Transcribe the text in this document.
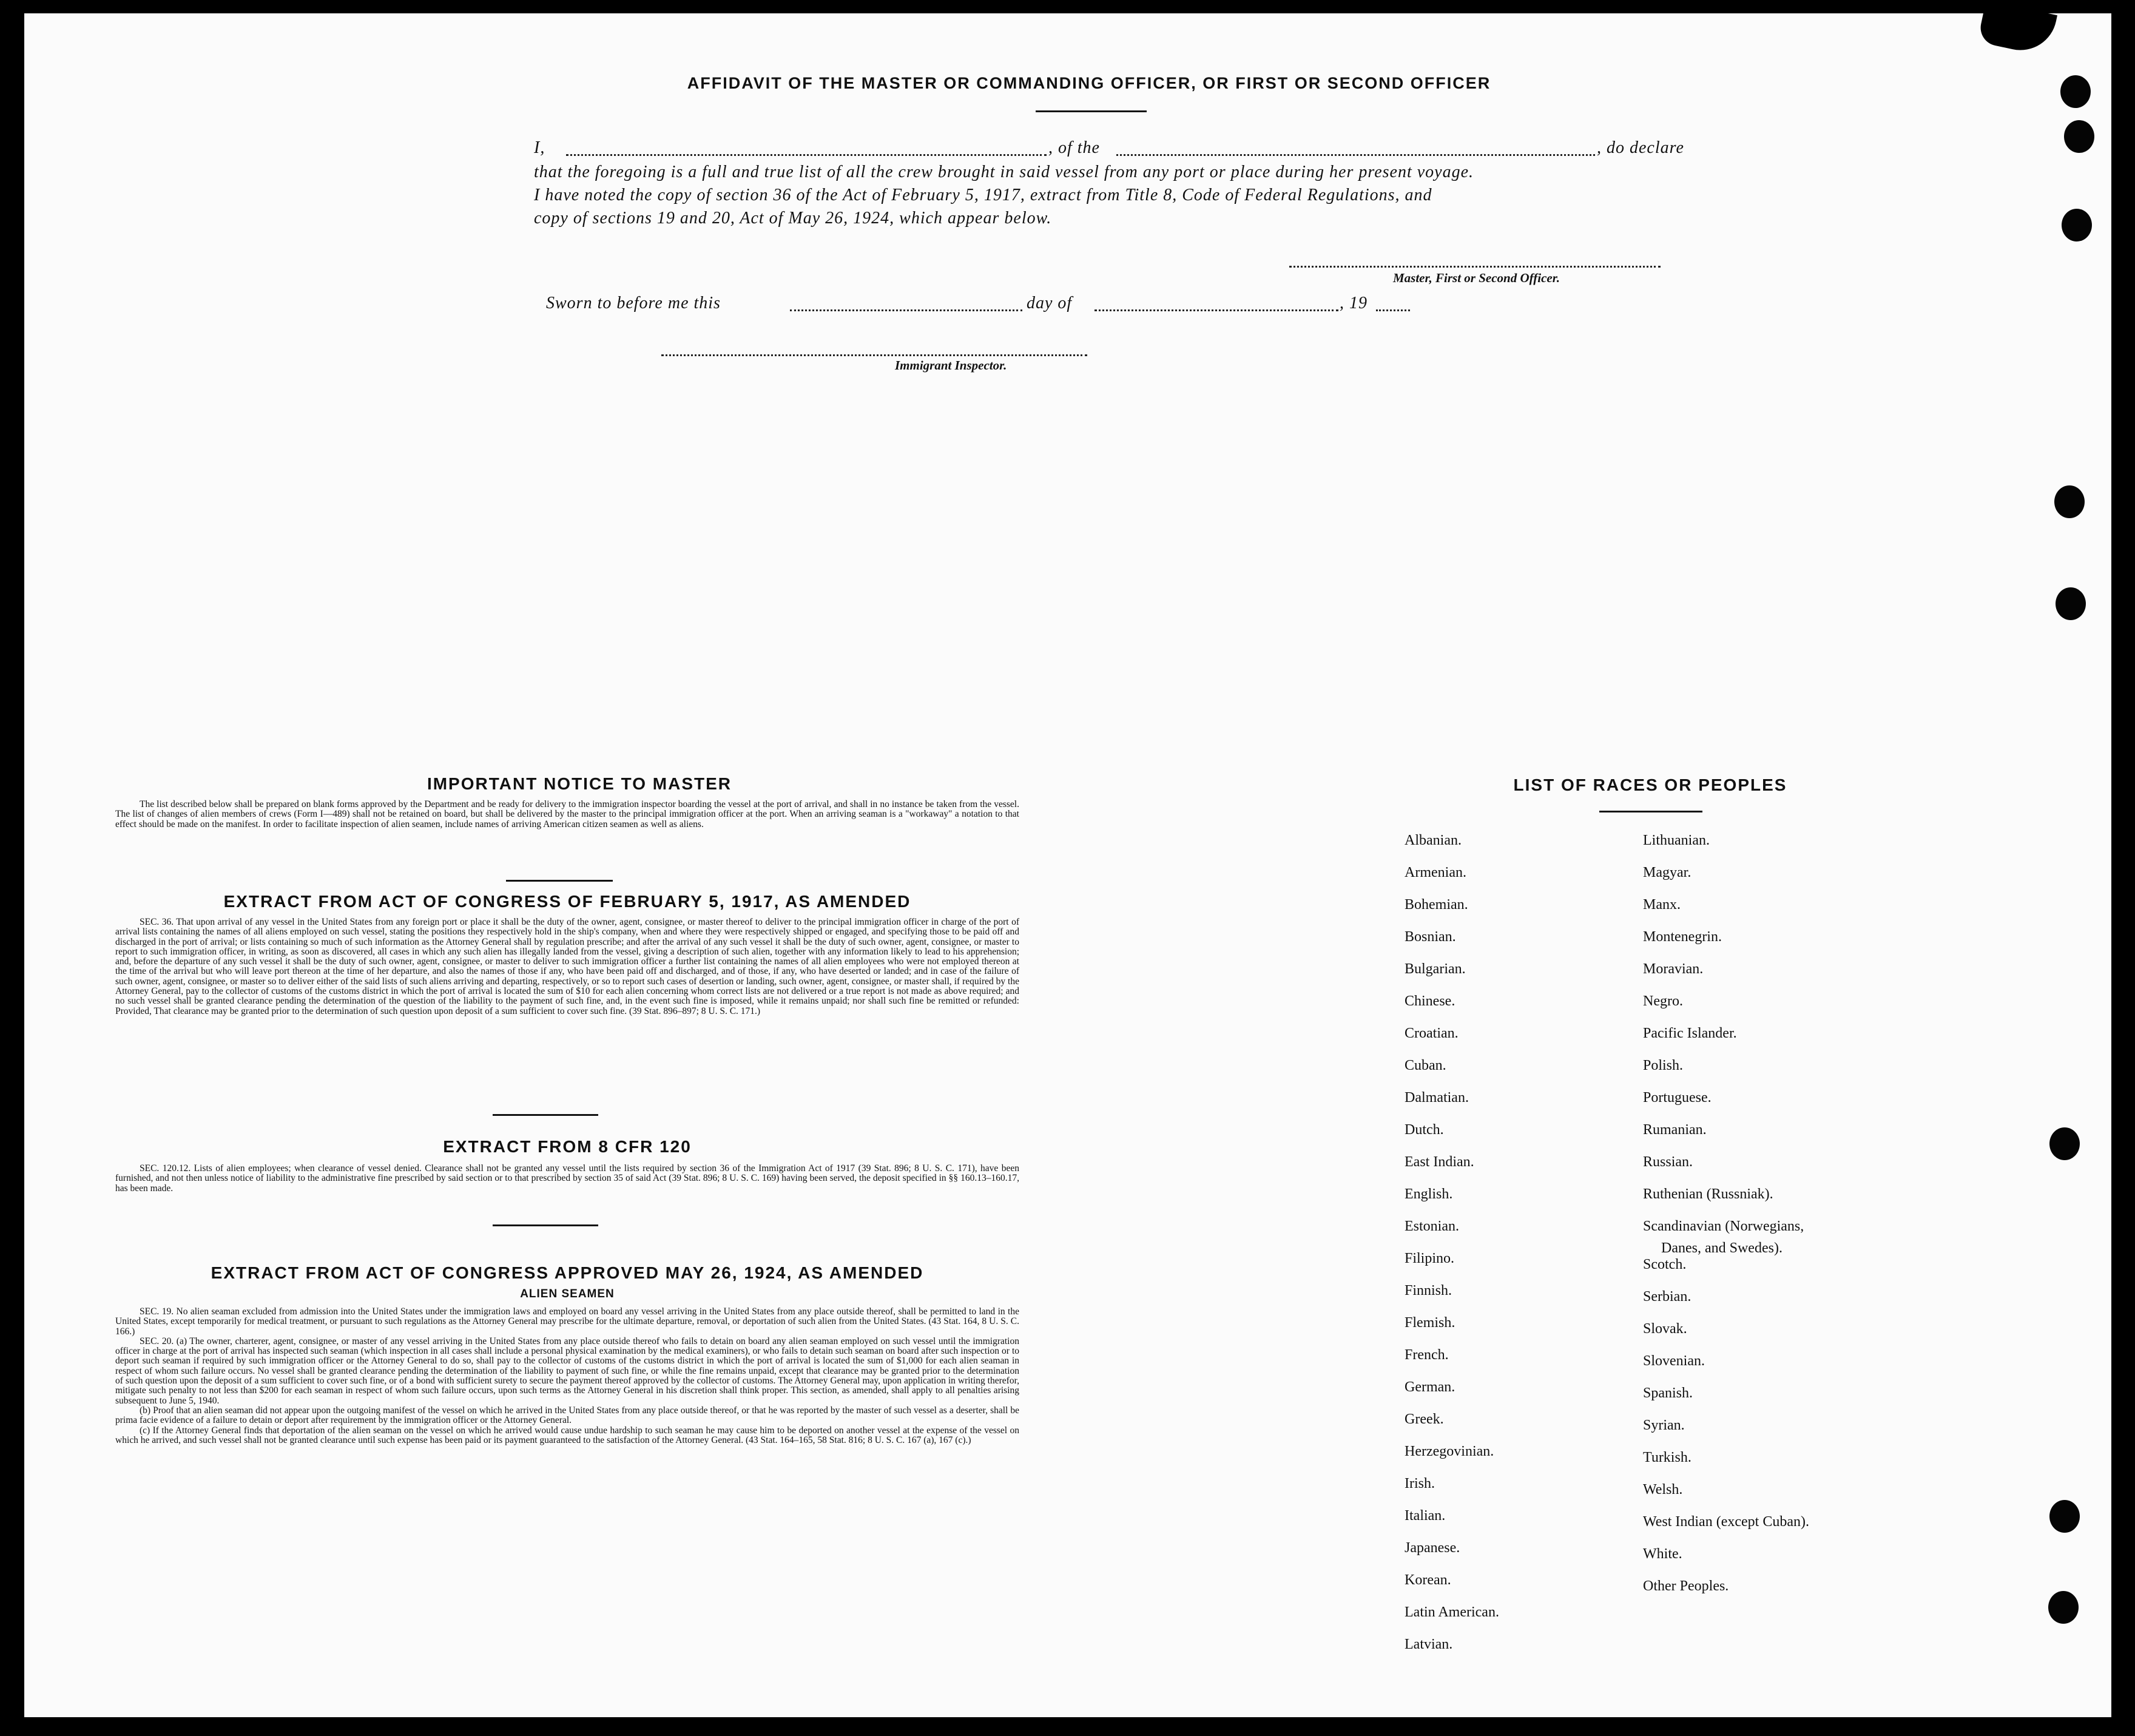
AFFIDAVIT OF THE MASTER OR COMMANDING OFFICER, OR FIRST OR SECOND OFFICER
I,	, of the	, do declare
that the foregoing is a full and true list of all the crew brought in said vessel from any port or place during her present voyage.
I have noted the copy of section 36 of the Act of February 5, 1917, extract from Title 8, Code of Federal Regulations, and
copy of sections 19 and 20, Act of May 26, 1924, which appear below.
Master, First or Second Officer.
Sworn to before me this	day of	, 19
Immigrant Inspector.
IMPORTANT NOTICE TO MASTER

The list described below shall be prepared on blank forms approved by the Department and be ready for delivery to the immigration inspector boarding the vessel at the port of arrival, and shall in no instance be taken from the vessel. The list of changes of alien members of crews (Form I—489) shall not be retained on board, but shall be delivered by the master to the principal immigration officer at the port. When an arriving seaman is a "workaway" a notation to that effect should be made on the manifest. In order to facilitate inspection of alien seamen, include names of arriving American citizen seamen as well as aliens.

EXTRACT FROM ACT OF CONGRESS OF FEBRUARY 5, 1917, AS AMENDED

SEC. 36. That upon arrival of any vessel in the United States from any foreign port or place it shall be the duty of the owner, agent, consignee, or master thereof to deliver to the principal immigration officer in charge of the port of arrival lists containing the names of all aliens employed on such vessel, stating the positions they respectively hold in the ship's company, when and where they were respectively shipped or engaged, and specifying those to be paid off and discharged in the port of arrival; or lists containing so much of such information as the Attorney General shall by regulation prescribe; and after the arrival of any such vessel it shall be the duty of such owner, agent, consignee, or master to report to such immigration officer, in writing, as soon as discovered, all cases in which any such alien has illegally landed from the vessel, giving a description of such alien, together with any information likely to lead to his apprehension; and, before the departure of any such vessel it shall be the duty of such owner, agent, consignee, or master to deliver to such immigration officer a further list containing the names of all alien employees who were not employed thereon at the time of the arrival but who will leave port thereon at the time of her departure, and also the names of those if any, who have been paid off and discharged, and of those, if any, who have deserted or landed; and in case of the failure of such owner, agent, consignee, or master so to deliver either of the said lists of such aliens arriving and departing, respectively, or so to report such cases of desertion or landing, such owner, agent, consignee, or master shall, if required by the Attorney General, pay to the collector of customs of the customs district in which the port of arrival is located the sum of $10 for each alien concerning whom correct lists are not delivered or a true report is not made as above required; and no such vessel shall be granted clearance pending the determination of the question of the liability to the payment of such fine, and, in the event such fine is imposed, while it remains unpaid; nor shall such fine be remitted or refunded: Provided, That clearance may be granted prior to the determination of such question upon deposit of a sum sufficient to cover such fine. (39 Stat. 896–897; 8 U. S. C. 171.)

EXTRACT FROM 8 CFR 120

SEC. 120.12. Lists of alien employees; when clearance of vessel denied. Clearance shall not be granted any vessel until the lists required by section 36 of the Immigration Act of 1917 (39 Stat. 896; 8 U. S. C. 171), have been furnished, and not then unless notice of liability to the administrative fine prescribed by said section or to that prescribed by section 35 of said Act (39 Stat. 896; 8 U. S. C. 169) having been served, the deposit specified in §§ 160.13–160.17, has been made.

EXTRACT FROM ACT OF CONGRESS APPROVED MAY 26, 1924, AS AMENDED
ALIEN SEAMEN

SEC. 19. No alien seaman excluded from admission into the United States under the immigration laws and employed on board any vessel arriving in the United States from any place outside thereof, shall be permitted to land in the United States, except temporarily for medical treatment, or pursuant to such regulations as the Attorney General may prescribe for the ultimate departure, removal, or deportation of such alien from the United States. (43 Stat. 164, 8 U. S. C. 166.)

SEC. 20. (a) The owner, charterer, agent, consignee, or master of any vessel arriving in the United States from any place outside thereof who fails to detain on board any alien seaman employed on such vessel until the immigration officer in charge at the port of arrival has inspected such seaman (which inspection in all cases shall include a personal physical examination by the medical examiners), or who fails to detain such seaman on board after such inspection or to deport such seaman if required by such immigration officer or the Attorney General to do so, shall pay to the collector of customs of the customs district in which the port of arrival is located the sum of $1,000 for each alien seaman in respect of whom such failure occurs. No vessel shall be granted clearance pending the determination of the liability to payment of such fine, or while the fine remains unpaid, except that clearance may be granted prior to the determination of such question upon the deposit of a sum sufficient to cover such fine, or of a bond with sufficient surety to secure the payment thereof approved by the collector of customs. The Attorney General may, upon application in writing therefor, mitigate such penalty to not less than $200 for each seaman in respect of whom such failure occurs, upon such terms as the Attorney General in his discretion shall think proper. This section, as amended, shall apply to all penalties arising subsequent to June 5, 1940.

(b) Proof that an alien seaman did not appear upon the outgoing manifest of the vessel on which he arrived in the United States from any place outside thereof, or that he was reported by the master of such vessel as a deserter, shall be prima facie evidence of a failure to detain or deport after requirement by the immigration officer or the Attorney General.

(c) If the Attorney General finds that deportation of the alien seaman on the vessel on which he arrived would cause undue hardship to such seaman he may cause him to be deported on another vessel at the expense of the vessel on which he arrived, and such vessel shall not be granted clearance until such expense has been paid or its payment guaranteed to the satisfaction of the Attorney General. (43 Stat. 164–165, 58 Stat. 816; 8 U. S. C. 167 (a), 167 (c).)

LIST OF RACES OR PEOPLES
Albanian.
Armenian.
Bohemian.
Bosnian.
Bulgarian.
Chinese.
Croatian.
Cuban.
Dalmatian.
Dutch.
East Indian.
English.
Estonian.
Filipino.
Finnish.
Flemish.
French.
German.
Greek.
Herzegovinian.
Irish.
Italian.
Japanese.
Korean.
Latin American.
Latvian.
Lithuanian.
Magyar.
Manx.
Montenegrin.
Moravian.
Negro.
Pacific Islander.
Polish.
Portuguese.
Rumanian.
Russian.
Ruthenian (Russniak).
Scandinavian (Norwegians,
Danes, and Swedes).
Scotch.
Serbian.
Slovak.
Slovenian.
Spanish.
Syrian.
Turkish.
Welsh.
West Indian (except Cuban).
White.
Other Peoples.
